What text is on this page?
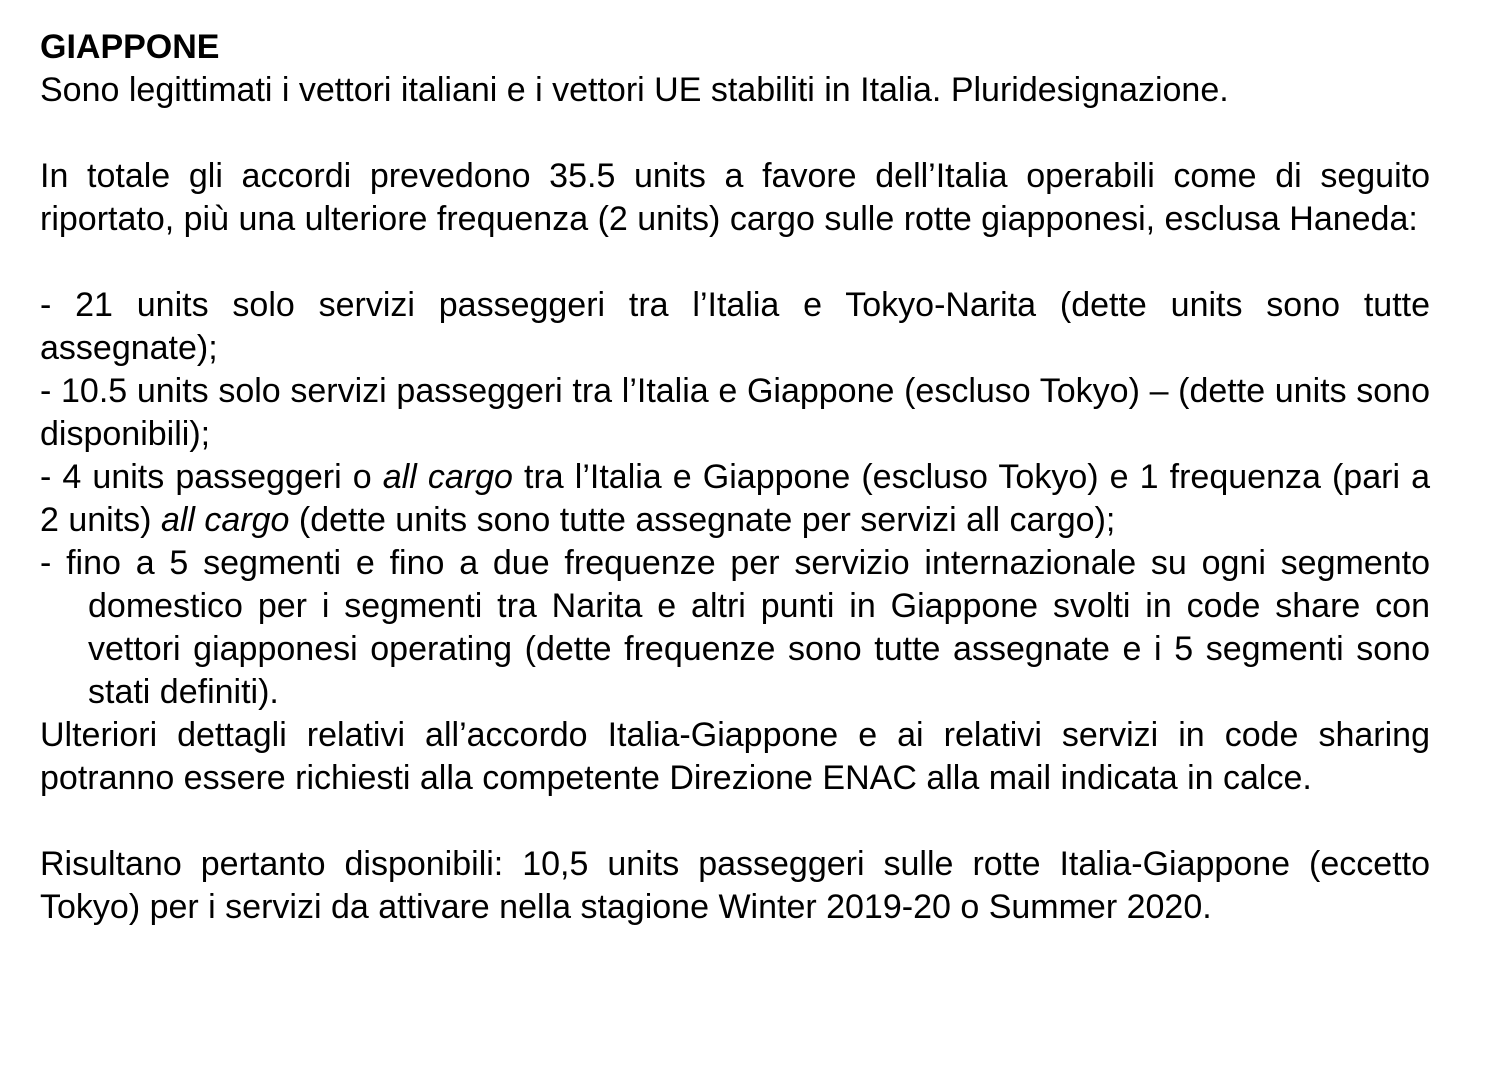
GIAPPONE

Sono legittimati i vettori italiani e i vettori UE stabiliti in Italia. Pluridesignazione.

In totale gli accordi prevedono 35.5 units a favore dell’Italia operabili come di seguito riportato, più una ulteriore frequenza (2 units) cargo sulle rotte giapponesi, esclusa Haneda:

- 21 units solo servizi passeggeri tra l’Italia e Tokyo-Narita (dette units sono tutte assegnate);

- 10.5 units solo servizi passeggeri tra l’Italia e Giappone (escluso Tokyo) – (dette units sono disponibili);

- 4 units passeggeri o all cargo tra l’Italia e Giappone (escluso Tokyo) e 1 frequenza (pari a 2 units) all cargo (dette units sono tutte assegnate per servizi all cargo);

- fino a 5 segmenti e fino a due frequenze per servizio internazionale su ogni segmento domestico per i segmenti tra Narita e altri punti in Giappone svolti in code share con vettori giapponesi operating (dette frequenze sono tutte assegnate e i 5 segmenti sono stati definiti).

Ulteriori dettagli relativi all’accordo Italia-Giappone e ai relativi servizi in code sharing potranno essere richiesti alla competente Direzione ENAC alla mail indicata in calce.

Risultano pertanto disponibili: 10,5 units passeggeri sulle rotte Italia-Giappone (eccetto Tokyo) per i servizi da attivare nella stagione Winter 2019-20 o Summer 2020.
